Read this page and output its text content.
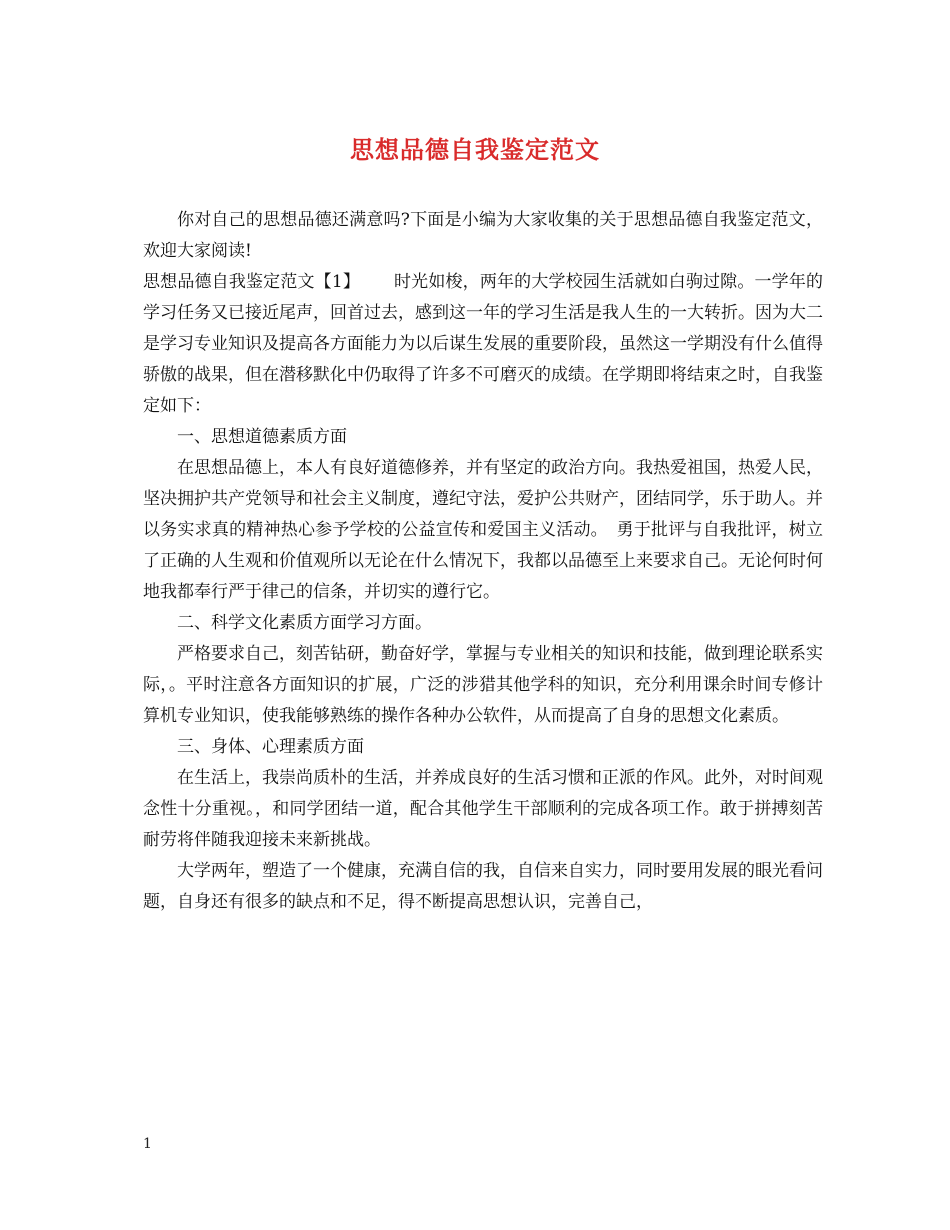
思想品德自我鉴定范文

你对自己的思想品德还满意吗?下面是小编为大家收集的关于思想品德自我鉴定范文，欢迎大家阅读!

思想品德自我鉴定范文【1】 时光如梭，两年的大学校园生活就如白驹过隙。一学年的学习任务又已接近尾声，回首过去，感到这一年的学习生活是我人生的一大转折。因为大二是学习专业知识及提高各方面能力为以后谋生发展的重要阶段，虽然这一学期没有什么值得骄傲的战果，但在潜移默化中仍取得了许多不可磨灭的成绩。在学期即将结束之时，自我鉴定如下：

一、思想道德素质方面

在思想品德上，本人有良好道德修养，并有坚定的政治方向。我热爱祖国，热爱人民，坚决拥护共产党领导和社会主义制度，遵纪守法，爱护公共财产，团结同学，乐于助人。并以务实求真的精神热心参予学校的公益宣传和爱国主义活动。　勇于批评与自我批评，树立了正确的人生观和价值观所以无论在什么情况下，我都以品德至上来要求自己。无论何时何地我都奉行严于律己的信条，并切实的遵行它。

二、科学文化素质方面学习方面。

严格要求自己，刻苦钻研，勤奋好学，掌握与专业相关的知识和技能，做到理论联系实际，。平时注意各方面知识的扩展，广泛的涉猎其他学科的知识，充分利用课余时间专修计算机专业知识，使我能够熟练的操作各种办公软件，从而提高了自身的思想文化素质。

三、身体、心理素质方面

在生活上，我崇尚质朴的生活，并养成良好的生活习惯和正派的作风。此外，对时间观念性十分重视。，和同学团结一道，配合其他学生干部顺利的完成各项工作。敢于拼搏刻苦耐劳将伴随我迎接未来新挑战。

大学两年，塑造了一个健康，充满自信的我，自信来自实力，同时要用发展的眼光看问题，自身还有很多的缺点和不足，得不断提高思想认识，完善自己，

1
